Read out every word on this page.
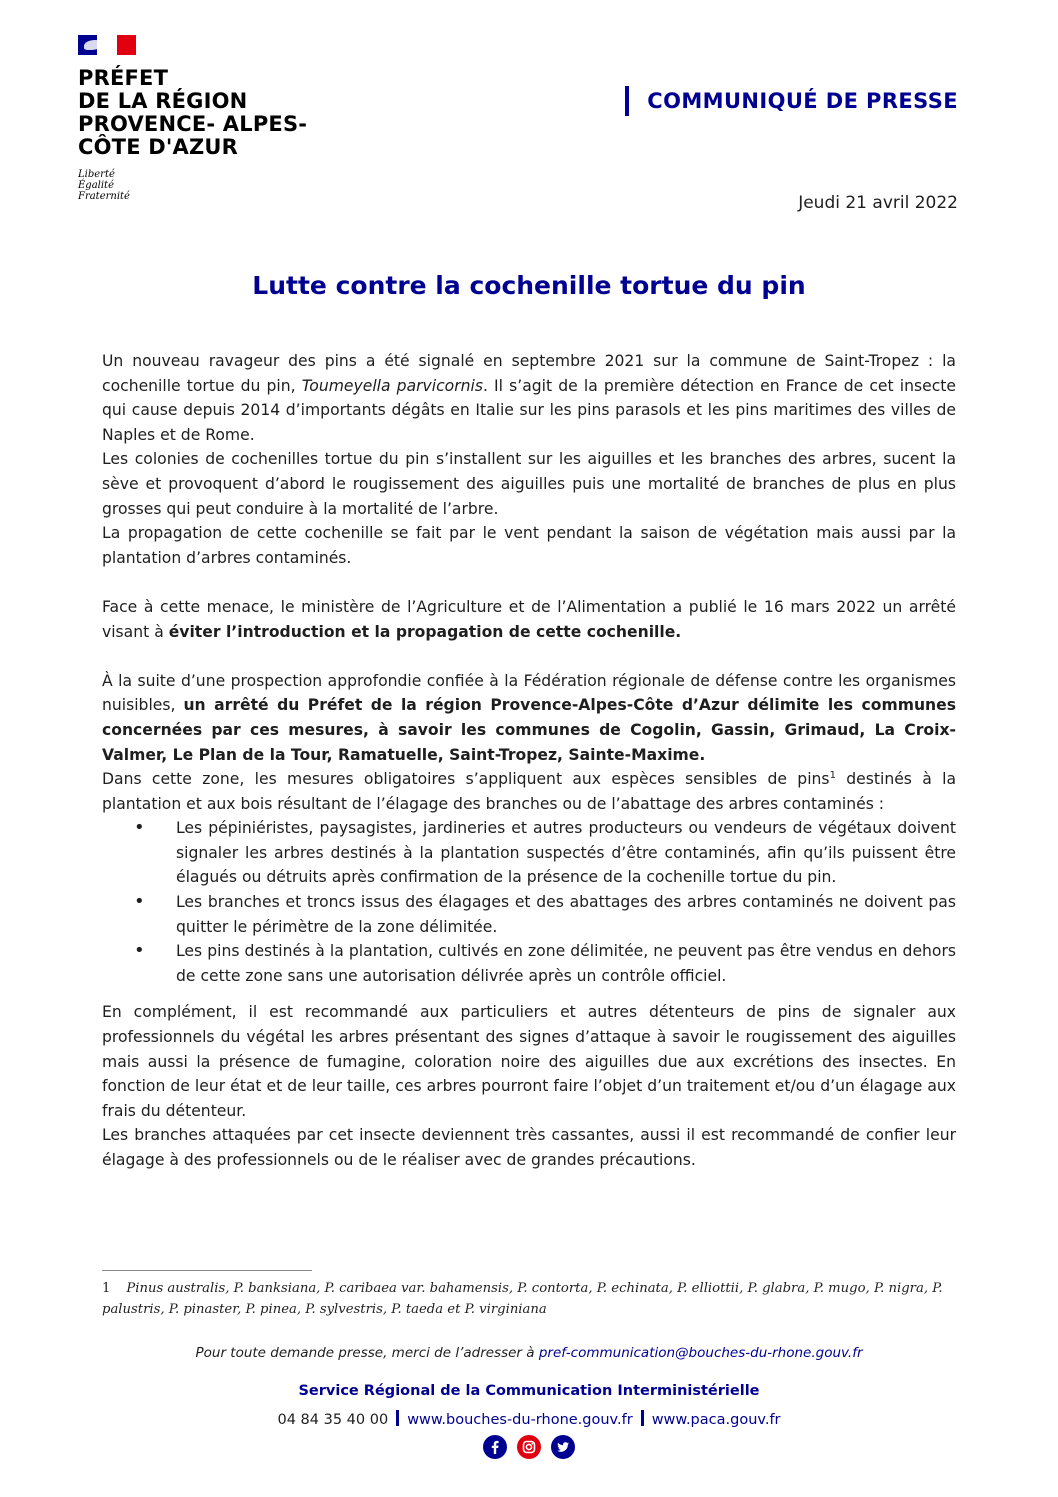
PRÉFET
DE LA RÉGION
PROVENCE- ALPES-
CÔTE D'AZUR
Liberté
Égalité
Fraternité
COMMUNIQUÉ DE PRESSE
Jeudi 21 avril 2022
Lutte contre la cochenille tortue du pin

Un nouveau ravageur des pins a été signalé en septembre 2021 sur la commune de Saint-Tropez : la cochenille tortue du pin, Toumeyella parvicornis. Il s’agit de la première détection en France de cet insecte qui cause depuis 2014 d’importants dégâts en Italie sur les pins parasols et les pins maritimes des villes de Naples et de Rome.

Les colonies de cochenilles tortue du pin s’installent sur les aiguilles et les branches des arbres, sucent la sève et provoquent d’abord le rougissement des aiguilles puis une mortalité de branches de plus en plus grosses qui peut conduire à la mortalité de l’arbre.

La propagation de cette cochenille se fait par le vent pendant la saison de végétation mais aussi par la plantation d’arbres contaminés.

Face à cette menace, le ministère de l’Agriculture et de l’Alimentation a publié le 16 mars 2022 un arrêté visant à éviter l’introduction et la propagation de cette cochenille.

À la suite d’une prospection approfondie confiée à la Fédération régionale de défense contre les organismes nuisibles, un arrêté du Préfet de la région Provence-Alpes-Côte d’Azur délimite les communes concernées par ces mesures, à savoir les communes de Cogolin, Gassin, Grimaud, La Croix-Valmer, Le Plan de la Tour, Ramatuelle, Saint-Tropez, Sainte-Maxime.

Dans cette zone, les mesures obligatoires s’appliquent aux espèces sensibles de pins$^1$ destinés à la plantation et aux bois résultant de l’élagage des branches ou de l’abattage des arbres contaminés :

•	Les pépiniéristes, paysagistes, jardineries et autres producteurs ou vendeurs de végétaux doivent signaler les arbres destinés à la plantation suspectés d’être contaminés, afin qu’ils puissent être élagués ou détruits après confirmation de la présence de la cochenille tortue du pin.
•	Les branches et troncs issus des élagages et des abattages des arbres contaminés ne doivent pas quitter le périmètre de la zone délimitée.
•	Les pins destinés à la plantation, cultivés en zone délimitée, ne peuvent pas être vendus en dehors de cette zone sans une autorisation délivrée après un contrôle officiel.

En complément, il est recommandé aux particuliers et autres détenteurs de pins de signaler aux professionnels du végétal les arbres présentant des signes d’attaque à savoir le rougissement des aiguilles mais aussi la présence de fumagine, coloration noire des aiguilles due aux excrétions des insectes. En fonction de leur état et de leur taille, ces arbres pourront faire l’objet d’un traitement et/ou d’un élagage aux frais du détenteur.

Les branches attaquées par cet insecte deviennent très cassantes, aussi il est recommandé de confier leur élagage à des professionnels ou de le réaliser avec de grandes précautions.

1 Pinus australis, P. banksiana, P. caribaea var. bahamensis, P. contorta, P. echinata, P. elliottii, P. glabra, P. mugo, P. nigra, P. palustris, P. pinaster, P. pinea, P. sylvestris, P. taeda et P. virginiana
Pour toute demande presse, merci de l’adresser à pref-communication@bouches-du-rhone.gouv.fr
Service Régional de la Communication Interministérielle
04 84 35 40 00 www.bouches-du-rhone.gouv.fr www.paca.gouv.fr
